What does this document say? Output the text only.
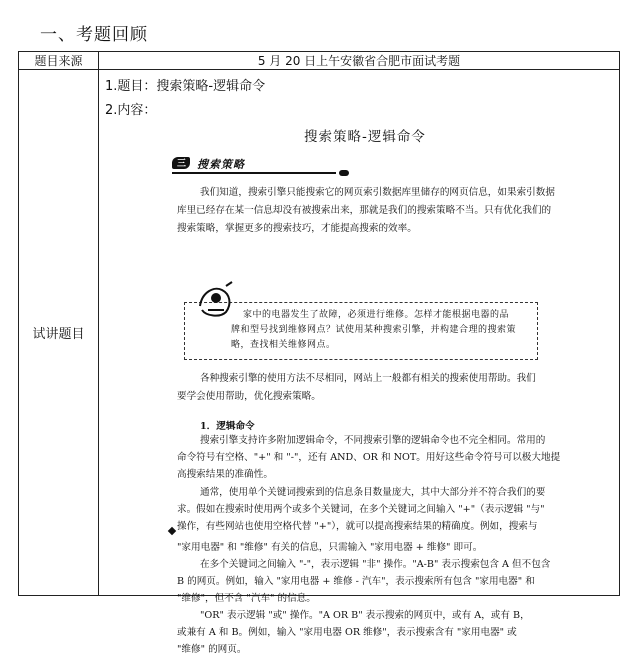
一、考题回顾
题目来源	5 月 20 日上午安徽省合肥市面试考题
试讲题目
1.题目：搜索策略-逻辑命令
2.内容：
搜索策略-逻辑命令
三 搜索策略
我们知道，搜索引擎只能搜索它的网页索引数据库里储存的网页信息，如果索引数据
库里已经存在某一信息却没有被搜索出来，那就是我们的搜索策略不当。只有优化我们的
搜索策略，掌握更多的搜索技巧，才能提高搜索的效率。
家中的电器发生了故障，必须进行维修。怎样才能根据电器的品
牌和型号找到维修网点？试使用某种搜索引擎，并构建合理的搜索策
略，查找相关维修网点。
各种搜索引擎的使用方法不尽相同，网站上一般都有相关的搜索使用帮助。我们
要学会使用帮助，优化搜索策略。
1．逻辑命令
搜索引擎支持许多附加逻辑命令，不同搜索引擎的逻辑命令也不完全相同。常用的
命令符号有空格、"+" 和 "-"，还有 AND、OR 和 NOT。用好这些命令符号可以极大地提
高搜索结果的准确性。
通常，使用单个关键词搜索到的信息条目数量庞大，其中大部分并不符合我们的要
求。假如在搜索时使用两个或多个关键词，在多个关键词之间输入 "+"（表示逻辑 "与"
操作，有些网站也使用空格代替 "+"），就可以提高搜索结果的精确度。例如，搜索与
"家用电器" 和 "维修" 有关的信息，只需输入 "家用电器 + 维修" 即可。
在多个关键词之间输入 "-"，表示逻辑 "非" 操作。"A-B" 表示搜索包含 A 但不包含
B 的网页。例如，输入 "家用电器 + 维修 - 汽车"，表示搜索所有包含 "家用电器" 和
"维修"，但不含 "汽车" 的信息。
"OR" 表示逻辑 "或" 操作。"A OR B" 表示搜索的网页中，或有 A，或有 B，
或兼有 A 和 B。例如，输入 "家用电器 OR 维修"，表示搜索含有 "家用电器" 或
"维修" 的网页。
